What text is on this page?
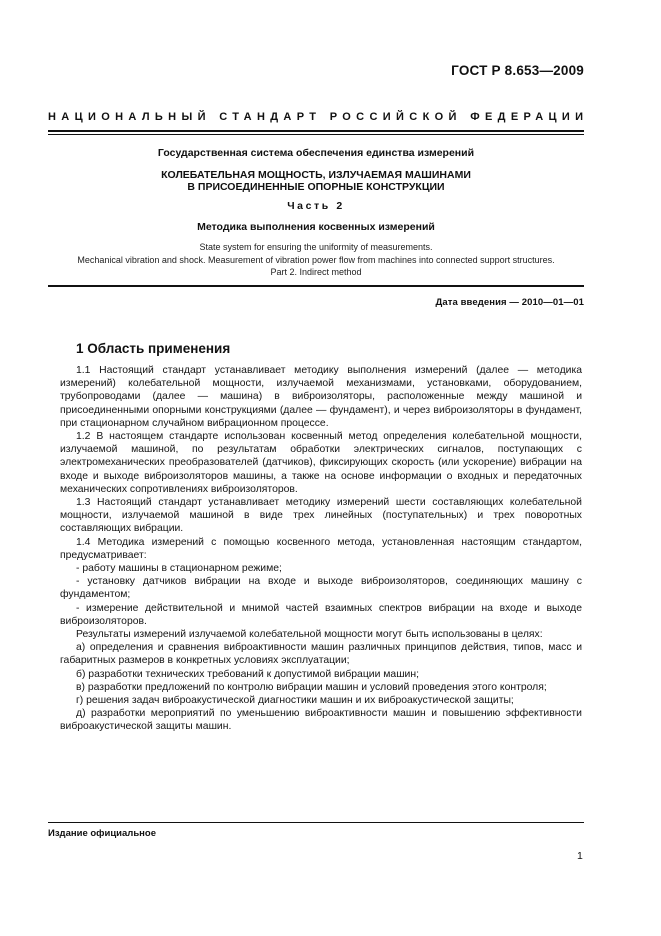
ГОСТ Р 8.653—2009
НАЦИОНАЛЬНЫЙ СТАНДАРТ РОССИЙСКОЙ ФЕДЕРАЦИИ
Государственная система обеспечения единства измерений
КОЛЕБАТЕЛЬНАЯ МОЩНОСТЬ, ИЗЛУЧАЕМАЯ МАШИНАМИ
В ПРИСОЕДИНЕННЫЕ ОПОРНЫЕ КОНСТРУКЦИИ
Часть 2
Методика выполнения косвенных измерений
State system for ensuring the uniformity of measurements.
Mechanical vibration and shock. Measurement of vibration power flow from machines into connected support structures.
Part 2. Indirect method
Дата введения — 2010—01—01
1 Область применения

1.1 Настоящий стандарт устанавливает методику выполнения измерений (далее — методика измерений) колебательной мощности, излучаемой механизмами, установками, оборудованием, трубопроводами (далее — машина) в виброизоляторы, расположенные между машиной и присоединенными опорными конструкциями (далее — фундамент), и через виброизоляторы в фундамент, при стационарном случайном вибрационном процессе.

1.2 В настоящем стандарте использован косвенный метод определения колебательной мощности, излучаемой машиной, по результатам обработки электрических сигналов, поступающих с электромеханических преобразователей (датчиков), фиксирующих скорость (или ускорение) вибрации на входе и выходе виброизоляторов машины, а также на основе информации о входных и передаточных механических сопротивлениях виброизоляторов.

1.3 Настоящий стандарт устанавливает методику измерений шести составляющих колебательной мощности, излучаемой машиной в виде трех линейных (поступательных) и трех поворотных составляющих вибрации.

1.4 Методика измерений с помощью косвенного метода, установленная настоящим стандартом, предусматривает:

- работу машины в стационарном режиме;

- установку датчиков вибрации на входе и выходе виброизоляторов, соединяющих машину с фундаментом;

- измерение действительной и мнимой частей взаимных спектров вибрации на входе и выходе виброизоляторов.

Результаты измерений излучаемой колебательной мощности могут быть использованы в целях:

а) определения и сравнения виброактивности машин различных принципов действия, типов, масс и габаритных размеров в конкретных условиях эксплуатации;

б) разработки технических требований к допустимой вибрации машин;

в) разработки предложений по контролю вибрации машин и условий проведения этого контроля;

г) решения задач виброакустической диагностики машин и их виброакустической защиты;

д) разработки мероприятий по уменьшению виброактивности машин и повышению эффективности виброакустической защиты машин.

Издание официальное
1
